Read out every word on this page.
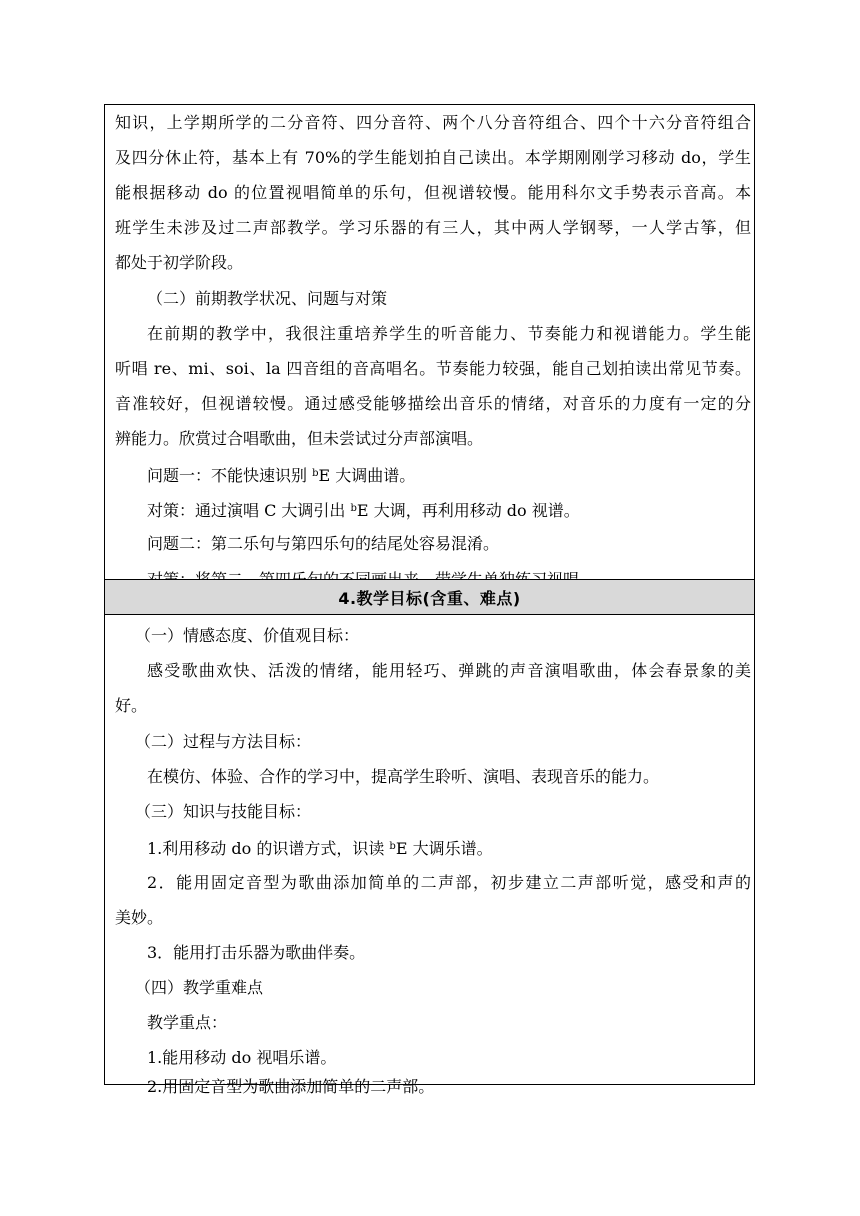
知识，上学期所学的二分音符、四分音符、两个八分音符组合、四个十六分音符组合

及四分休止符，基本上有 70%的学生能划拍自己读出。本学期刚刚学习移动 do，学生

能根据移动 do 的位置视唱简单的乐句，但视谱较慢。能用科尔文手势表示音高。本

班学生未涉及过二声部教学。学习乐器的有三人，其中两人学钢琴，一人学古筝，但

都处于初学阶段。

（二）前期教学状况、问题与对策

在前期的教学中，我很注重培养学生的听音能力、节奏能力和视谱能力。学生能

听唱 re、mi、soi、la 四音组的音高唱名。节奏能力较强，能自己划拍读出常见节奏。

音准较好，但视谱较慢。通过感受能够描绘出音乐的情绪，对音乐的力度有一定的分

辨能力。欣赏过合唱歌曲，但未尝试过分声部演唱。

问题一：不能快速识别 $^b$E 大调曲谱。

对策：通过演唱 C 大调引出 $^b$E 大调，再利用移动 do 视谱。

问题二：第二乐句与第四乐句的结尾处容易混淆。

4.教学目标(含重、难点)

（一）情感态度、价值观目标：

感受歌曲欢快、活泼的情绪，能用轻巧、弹跳的声音演唱歌曲，体会春景象的美

好。

（二）过程与方法目标：

在模仿、体验、合作的学习中，提高学生聆听、演唱、表现音乐的能力。

（三）知识与技能目标：

1.利用移动 do 的识谱方式，识读 $^b$E 大调乐谱。

2．能用固定音型为歌曲添加简单的二声部，初步建立二声部听觉，感受和声的

美妙。

3．能用打击乐器为歌曲伴奏。

（四）教学重难点

教学重点：

1.能用移动 do 视唱乐谱。

2.用固定音型为歌曲添加简单的二声部。
